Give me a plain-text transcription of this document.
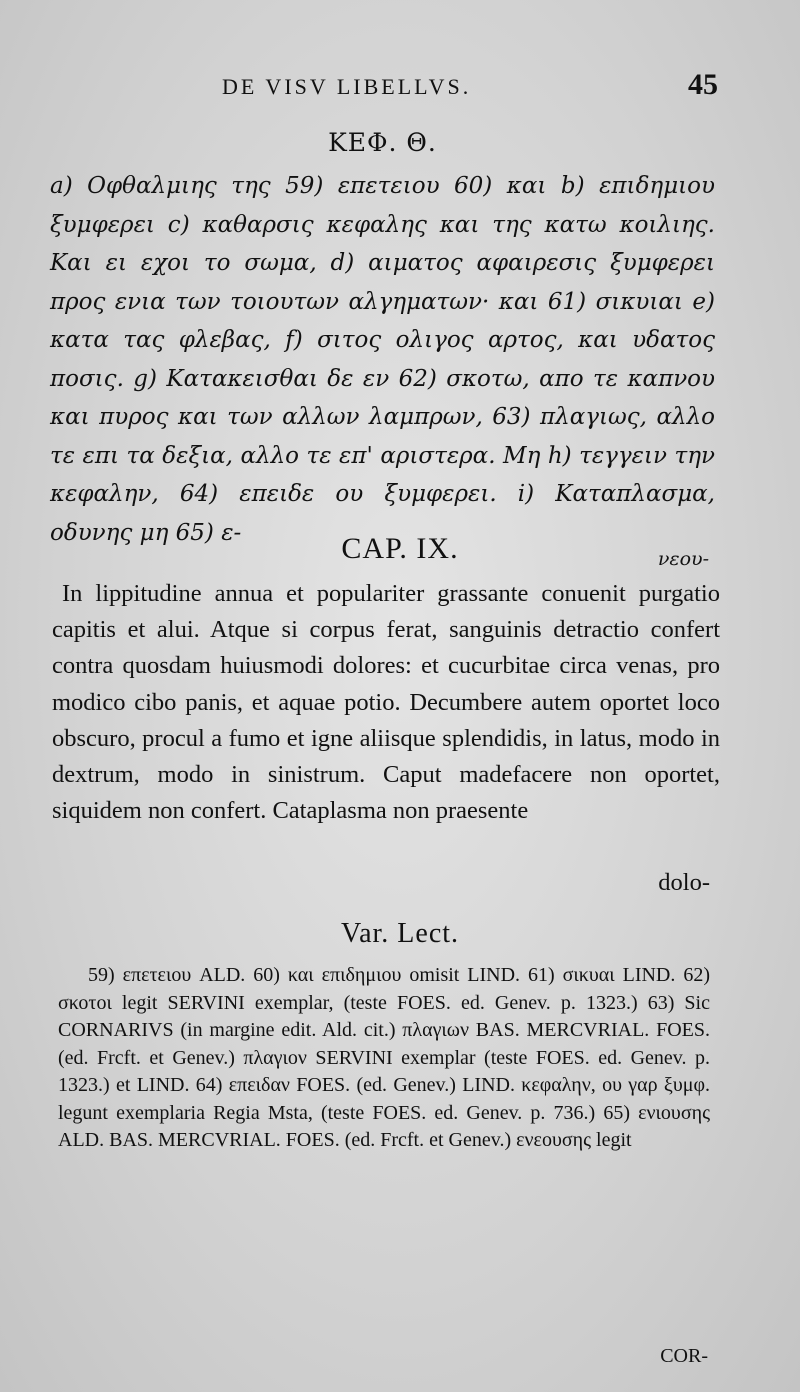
DE VISV LIBELLVS.	45
ΚΕΦ. Θ.
a) Οφθαλμιης της 59) επετειου 60) και b) επιδημιου ξυμφερει c) καθαρσις κεφαλης και της κατω κοιλιης. Και ει εχοι το σωμα, d) αιματος αφαιρεσις ξυμφερει προς ενια των τοιουτων αλγηματων· και 61) σικυιαι e) κατα τας φλεβας, f) σιτος ολιγος αρτος, και υδατος ποσις. g) Κατακεισθαι δε εν 62) σκοτω, απο τε καπνου και πυρος και των αλλων λαμπρων, 63) πλαγιως, αλλο τε επι τα δεξια, αλλο τε επ' αριστερα. Μη h) τεγγειν την κεφαλην, 64) επειδε ου ξυμφερει. i) Καταπλασμα, οδυνης μη 65) ε-
νεου-
CAP. IX.
In lippitudine annua et populariter grassante conuenit purgatio capitis et alui. Atque si corpus ferat, sanguinis detractio confert contra quosdam huiusmodi dolores: et cucurbitae circa venas, pro modico cibo panis, et aquae potio. Decumbere autem oportet loco obscuro, procul a fumo et igne aliisque splendidis, in latus, modo in dextrum, modo in sinistrum. Caput madefacere non oportet, siquidem non confert. Cataplasma non praesente
dolo-
Var. Lect.
59) επετειου ALD. 60) και επιδημιου omisit LIND. 61) σικυαι LIND. 62) σκοτοι legit SERVINI exemplar, (teste FOES. ed. Genev. p. 1323.) 63) Sic CORNARIVS (in margine edit. Ald. cit.) πλαγιων BAS. MERCVRIAL. FOES. (ed. Frcft. et Genev.) πλαγιον SERVINI exemplar (teste FOES. ed. Genev. p. 1323.) et LIND. 64) επειδαν FOES. (ed. Genev.) LIND. κεφαλην, ου γαρ ξυμφ. legunt exemplaria Regia Msta, (teste FOES. ed. Genev. p. 736.) 65) ενιουσης ALD. BAS. MERCVRIAL. FOES. (ed. Frcft. et Genev.) ενεουσης legit
COR-
